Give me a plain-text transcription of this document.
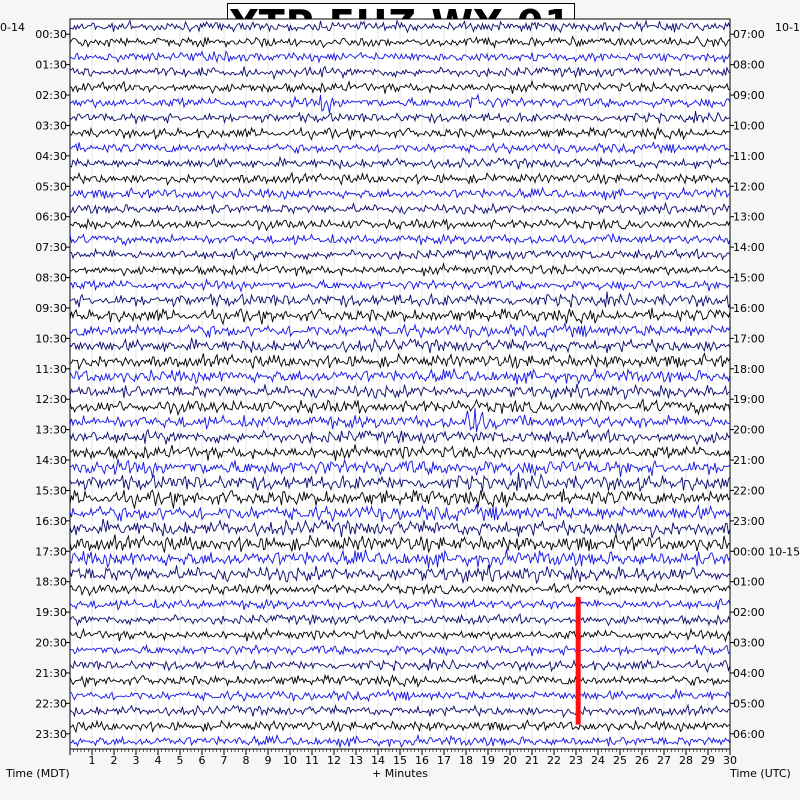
1 2 3 4 5 6 7 8 9 10 11 12 13 14 15 16 17 18 19 20 21 22 23 24 25 26 27 28 29 30
00:30
01:30
02:30
03:30
04:30
05:30
06:30
07:30
08:30
09:30
10:30
11:30
12:30
13:30
14:30
15:30
16:30
17:30
18:30
19:30
20:30
21:30
22:30
23:30
07:00
08:00
09:00
10:00
11:00
12:00
13:00
14:00
15:00
16:00
17:00
18:00
19:00
20:00
21:00
22:00
23:00
00:00 10-15
01:00
02:00
03:00
04:00
05:00
06:00
0-14	10-1
Time (MDT)	+ Minutes	Time (UTC)
